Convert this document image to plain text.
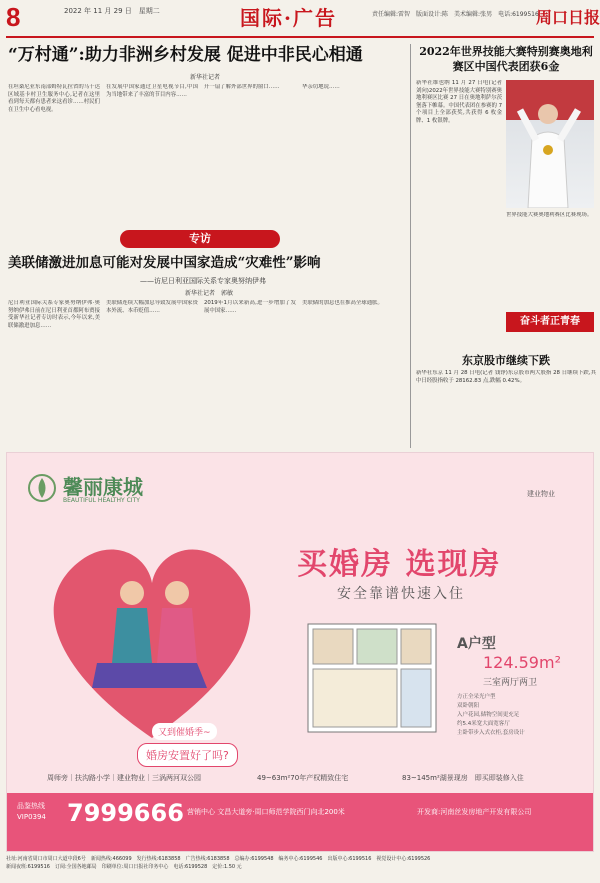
8	2022 年 11 月 29 日　星期二	国际·广告	责任编辑:雷智　版面设计:陈　美术编辑:张男　电话:6199516
周口日报
“万村通”:助力非洲乡村发展 促进中非民心相通
新华社记者
在坦桑尼亚东南部姆特瓦拉省的乌干达区域基卡村卫生服务中心,记者在这里看到每天都有患者来这看诊……村民们在卫生中心看电视。
在发展中国家通过卫星电视节目,中国为当地带来了丰富的节目内容……
开一扇了解外部世界的窗口……	华亲切地说……
专访
美联储激进加息可能对发展中国家造成“灾难性”影响
——访尼日利亚国际关系专家奥努纳伊弗
新华社记者　郭敏
尼日利亚国际关系专家奥努纳伊弗·奥努纳伊弗日前在尼日利亚首都阿布贾接受新华社记者专访时表示,今年以来,美联储激进加息……
美联储连续大幅加息导致发展中国家资本外流、本币贬值……
2019年1月以来新高,进一步增加了发展中国家……
美联储的加息也在推高全球通胀。
2022年世界技能大赛特别赛奥地利赛区中国代表团获6金
新华社维也纳 11 月 27 日电(记者 刘向)2022年世界技能大赛特别赛奥地利赛区比赛 27 日在奥地利萨尔茨堡落下帷幕。中国代表团在参赛的 7 个项目上全部获奖,共获得 6 枚金牌、1 枚银牌。
世界技能大赛奥地利赛区比赛现场。
奋斗者正青春
东京股市继续下跌
新华社东京 11 月 28 日电(记者 钱铮)东京股市两大股指 28 日继续下跌,其中日经股指收于 28162.83 点,跌幅 0.42%。
馨丽康城
BEAUTIFUL HEALTHY CITY
建业物业
又到催婚季~
婚房安置好了吗?
买婚房 选现房
安全靠谱快速入住
A户型
124.59m²
三室两厅两卫
方正全采光户型
双卧朝阳
入户花园,储物空间更充足
约5.4米宽大面宽客厅
主卧带步入式衣柜,套房设计
周师旁｜扶沟路小学｜建业物业｜三涡两河双公园	49~63m²70年产权精致住宅	83~145m²湖景现房　即买即装修入住
品鉴热线
VIP0394 7999666 营销中心 文昌大道旁·周口师范学院西门向北200米	开发商:河南丝发房地产开发有限公司
社址:河南省周口市周口大道中段6号　新闻热线:466099　发行热线:6183858　广告热线:6183858　总编办:6199548　编务中心:6199546　出版中心:6199516　视觉设计中心:6199526
新闻夜班:6199516　订阅:全国各地邮局　印刷单位:周口日报社印务中心　电话:6199528　定价:1.50 元
